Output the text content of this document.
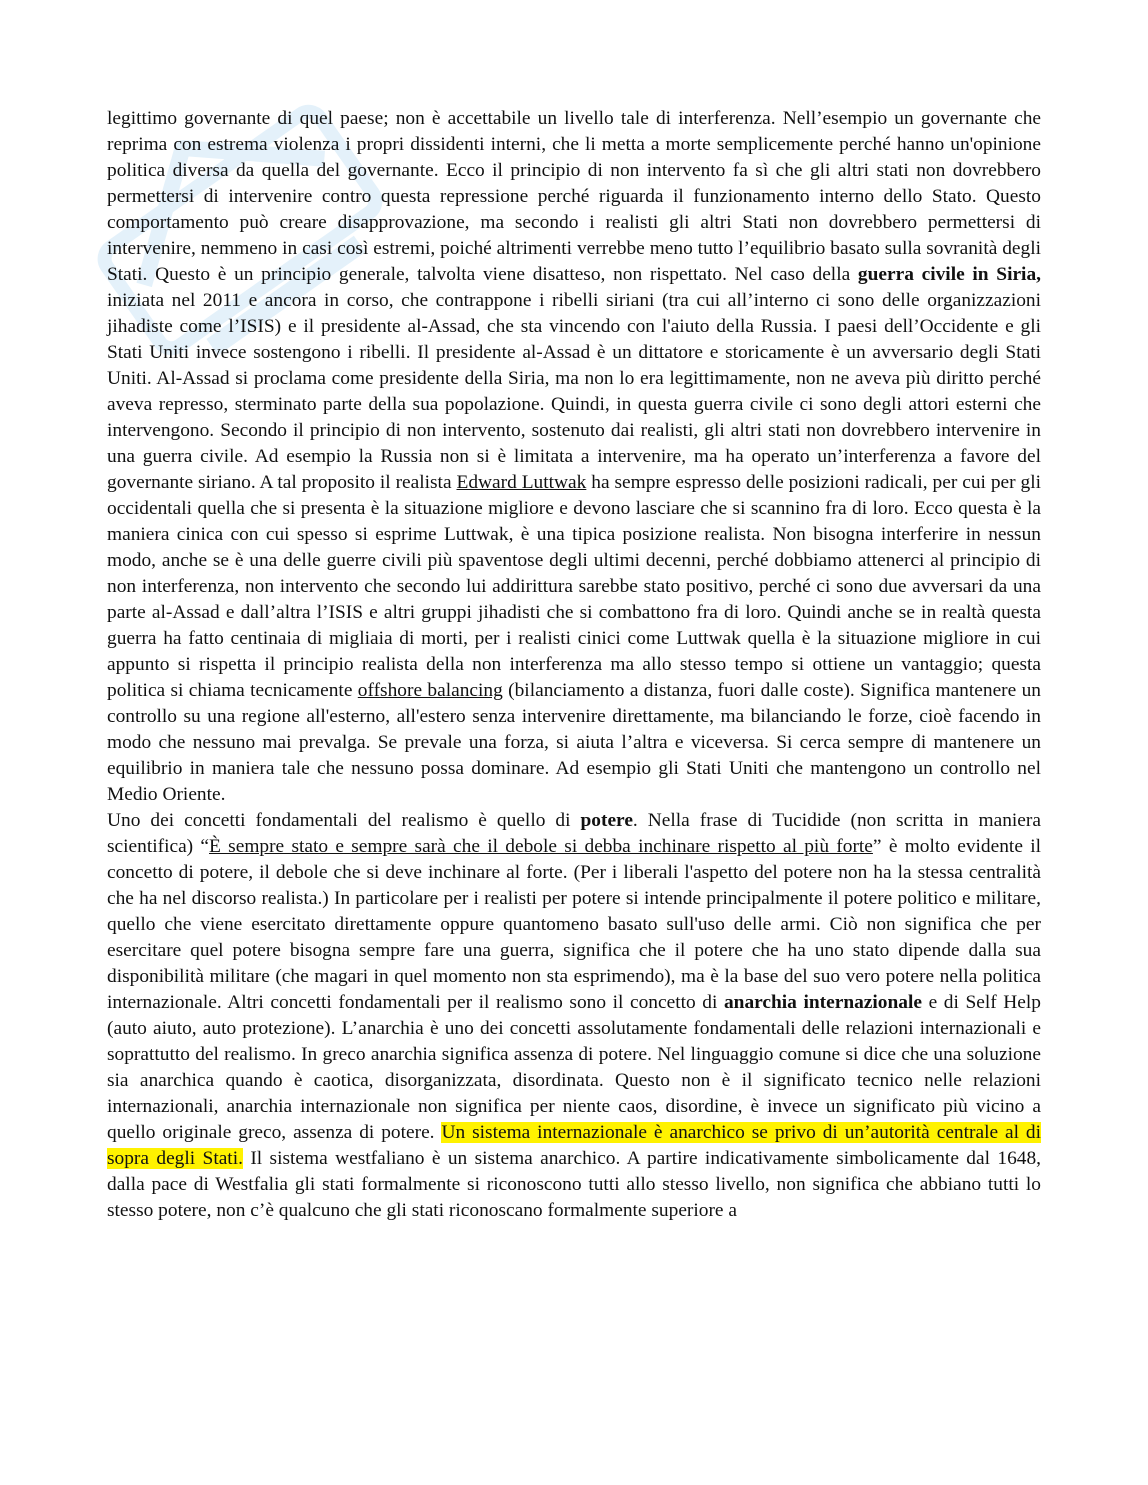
legittimo governante di quel paese; non è accettabile un livello tale di interferenza. Nell’esempio un governante che reprima con estrema violenza i propri dissidenti interni, che li metta a morte semplicemente perché hanno un'opinione politica diversa da quella del governante. Ecco il principio di non intervento fa sì che gli altri stati non dovrebbero permettersi di intervenire contro questa repressione perché riguarda il funzionamento interno dello Stato. Questo comportamento può creare disapprovazione, ma secondo i realisti gli altri Stati non dovrebbero permettersi di intervenire, nemmeno in casi così estremi, poiché altrimenti verrebbe meno tutto l’equilibrio basato sulla sovranità degli Stati. Questo è un principio generale, talvolta viene disatteso, non rispettato. Nel caso della guerra civile in Siria, iniziata nel 2011 e ancora in corso, che contrappone i ribelli siriani (tra cui all’interno ci sono delle organizzazioni jihadiste come l’ISIS) e il presidente al-Assad, che sta vincendo con l'aiuto della Russia. I paesi dell’Occidente e gli Stati Uniti invece sostengono i ribelli. Il presidente al-Assad è un dittatore e storicamente è un avversario degli Stati Uniti. Al-Assad si proclama come presidente della Siria, ma non lo era legittimamente, non ne aveva più diritto perché aveva represso, sterminato parte della sua popolazione. Quindi, in questa guerra civile ci sono degli attori esterni che intervengono. Secondo il principio di non intervento, sostenuto dai realisti, gli altri stati non dovrebbero intervenire in una guerra civile. Ad esempio la Russia non si è limitata a intervenire, ma ha operato un’interferenza a favore del governante siriano. A tal proposito il realista Edward Luttwak ha sempre espresso delle posizioni radicali, per cui per gli occidentali quella che si presenta è la situazione migliore e devono lasciare che si scannino fra di loro. Ecco questa è la maniera cinica con cui spesso si esprime Luttwak, è una tipica posizione realista. Non bisogna interferire in nessun modo, anche se è una delle guerre civili più spaventose degli ultimi decenni, perché dobbiamo attenerci al principio di non interferenza, non intervento che secondo lui addirittura sarebbe stato positivo, perché ci sono due avversari da una parte al-Assad e dall’altra l’ISIS e altri gruppi jihadisti che si combattono fra di loro. Quindi anche se in realtà questa guerra ha fatto centinaia di migliaia di morti, per i realisti cinici come Luttwak quella è la situazione migliore in cui appunto si rispetta il principio realista della non interferenza ma allo stesso tempo si ottiene un vantaggio; questa politica si chiama tecnicamente offshore balancing (bilanciamento a distanza, fuori dalle coste). Significa mantenere un controllo su una regione all'esterno, all'estero senza intervenire direttamente, ma bilanciando le forze, cioè facendo in modo che nessuno mai prevalga. Se prevale una forza, si aiuta l’altra e viceversa. Si cerca sempre di mantenere un equilibrio in maniera tale che nessuno possa dominare. Ad esempio gli Stati Uniti che mantengono un controllo nel Medio Oriente.

Uno dei concetti fondamentali del realismo è quello di potere. Nella frase di Tucidide (non scritta in maniera scientifica) “È sempre stato e sempre sarà che il debole si debba inchinare rispetto al più forte” è molto evidente il concetto di potere, il debole che si deve inchinare al forte. (Per i liberali l'aspetto del potere non ha la stessa centralità che ha nel discorso realista.) In particolare per i realisti per potere si intende principalmente il potere politico e militare, quello che viene esercitato direttamente oppure quantomeno basato sull'uso delle armi. Ciò non significa che per esercitare quel potere bisogna sempre fare una guerra, significa che il potere che ha uno stato dipende dalla sua disponibilità militare (che magari in quel momento non sta esprimendo), ma è la base del suo vero potere nella politica internazionale. Altri concetti fondamentali per il realismo sono il concetto di anarchia internazionale e di Self Help (auto aiuto, auto protezione). L’anarchia è uno dei concetti assolutamente fondamentali delle relazioni internazionali e soprattutto del realismo. In greco anarchia significa assenza di potere. Nel linguaggio comune si dice che una soluzione sia anarchica quando è caotica, disorganizzata, disordinata. Questo non è il significato tecnico nelle relazioni internazionali, anarchia internazionale non significa per niente caos, disordine, è invece un significato più vicino a quello originale greco, assenza di potere. Un sistema internazionale è anarchico se privo di un’autorità centrale al di sopra degli Stati. Il sistema westfaliano è un sistema anarchico. A partire indicativamente simbolicamente dal 1648, dalla pace di Westfalia gli stati formalmente si riconoscono tutti allo stesso livello, non significa che abbiano tutti lo stesso potere, non c’è qualcuno che gli stati riconoscano formalmente superiore a
